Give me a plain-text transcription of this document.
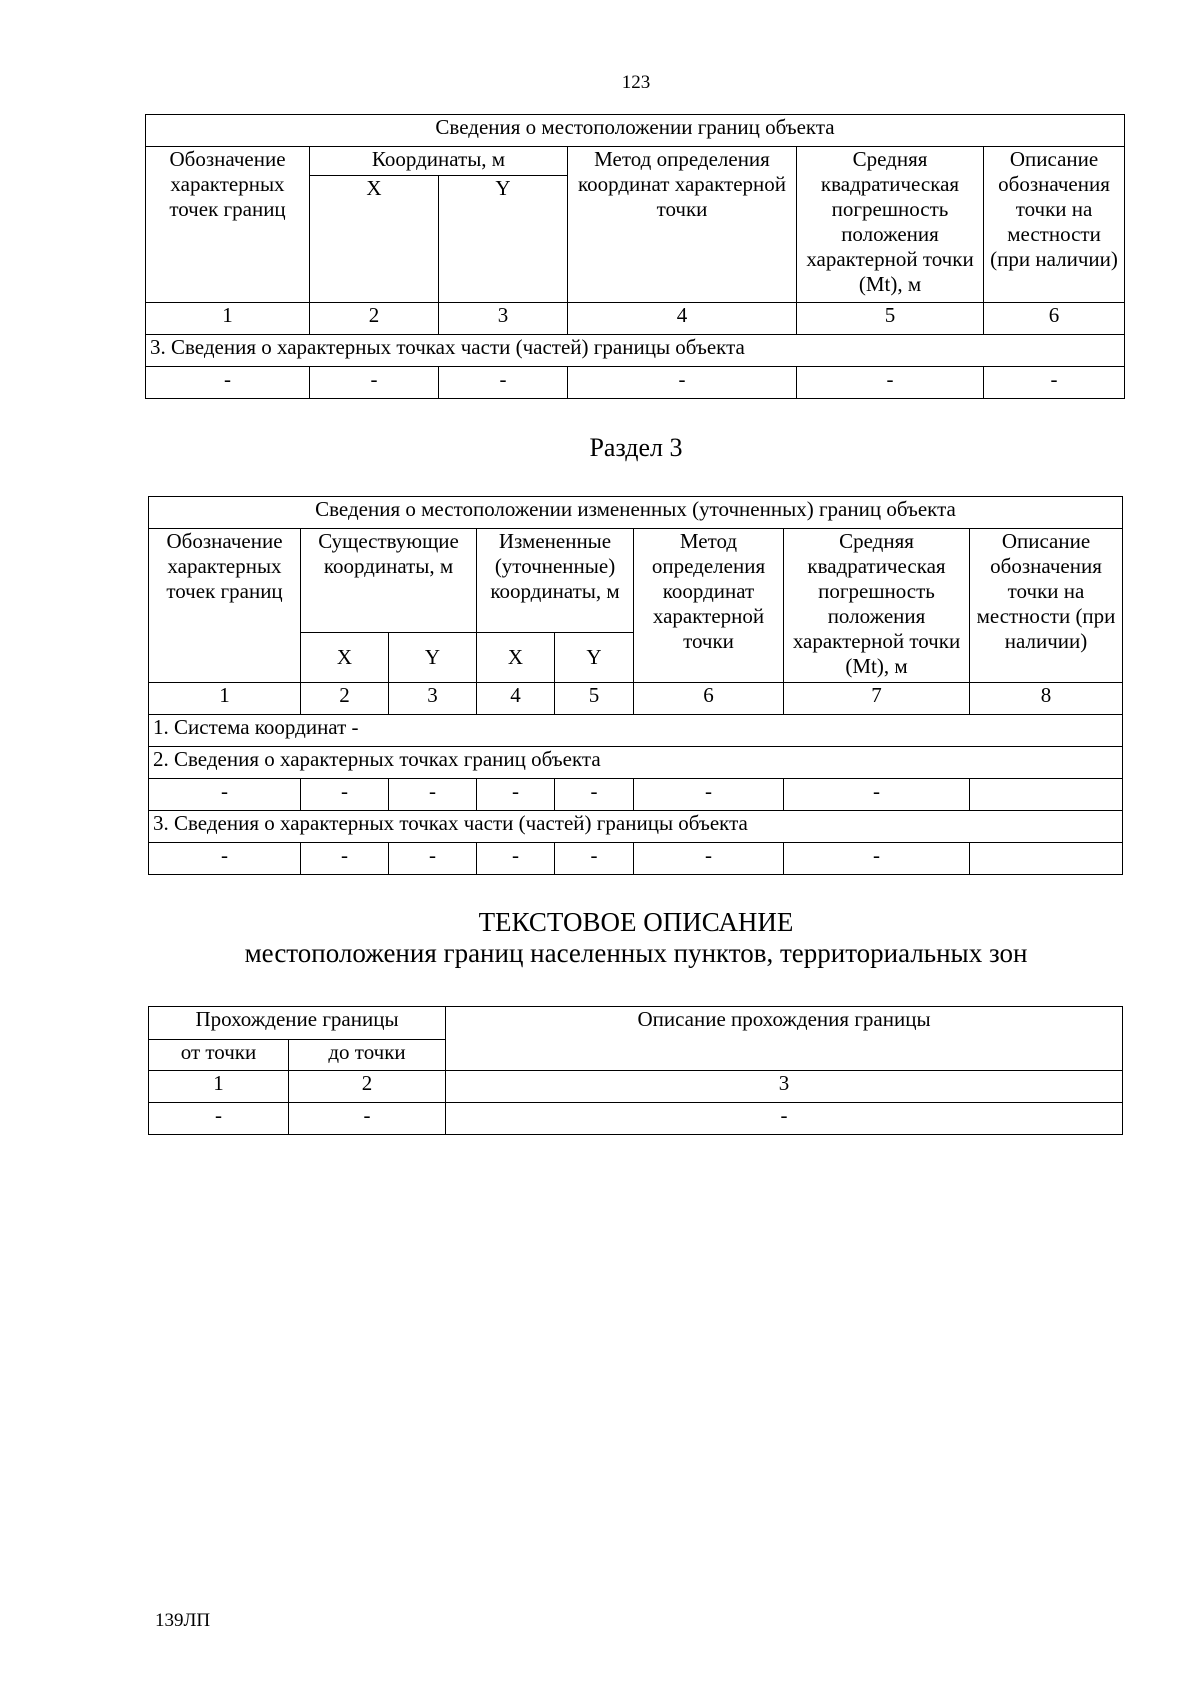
123
Сведения о местоположении границ объекта					
Обозначение характерных точек границ	Координаты, м		Метод определения координат характерной точки	Средняя квадратическая погрешность положения характерной точки (Mt), м	Описание обозначения точки на местности (при наличии)
	X	Y			
1	2	3	4	5	6
3. Сведения о характерных точках части (частей) границы объекта					
-	-	-	-	-	-
Раздел 3
Сведения о местоположении измененных (уточненных) границ объекта							
Обозначение характерных точек границ	Существующие координаты, м		Измененные (уточненные) координаты, м		Метод определения координат характерной точки	Средняя квадратическая погрешность положения характерной точки (Mt), м	Описание обозначения точки на местности (при наличии)
	X	Y	X	Y			
1	2	3	4	5	6	7	8
1. Система координат -							
2. Сведения о характерных точках границ объекта							
-	-	-	-	-	-	-	
3. Сведения о характерных точках части (частей) границы объекта							
-	-	-	-	-	-	-	
ТЕКСТОВОЕ ОПИСАНИЕ
местоположения границ населенных пунктов, территориальных зон
Прохождение границы		Описание прохождения границы
от точки	до точки	
1	2	3
-	-	-
139ЛП
